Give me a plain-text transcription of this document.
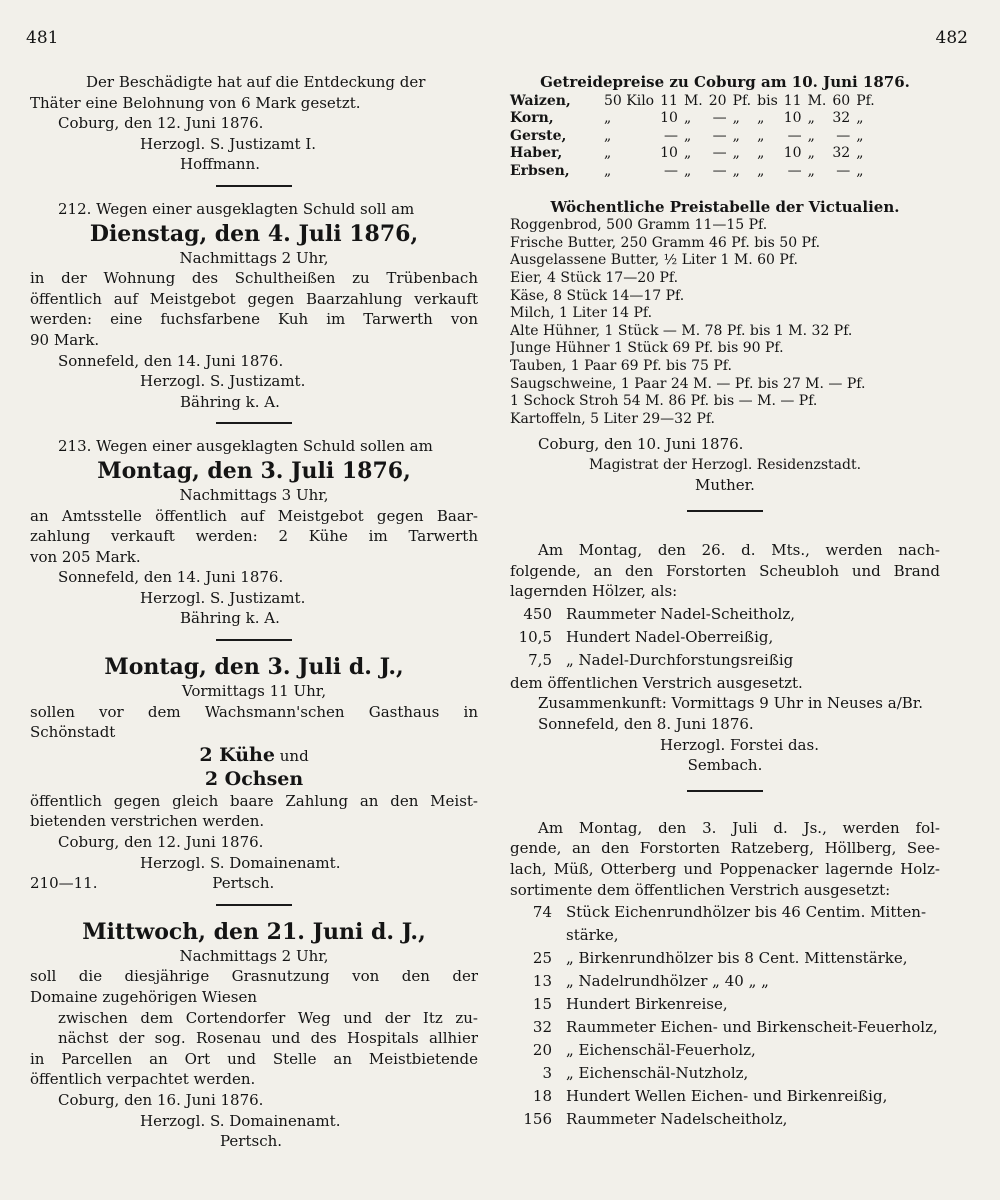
481	482
Der Beschädigte hat auf die Entdeckung der
Thäter eine Belohnung von 6 Mark gesetzt.
Coburg, den 12. Juni 1876.
Herzogl. S. Justizamt I.
Hoffmann.
212. Wegen einer ausgeklagten Schuld soll am
Dienstag, den 4. Juli 1876,
Nachmittags 2 Uhr,
in der Wohnung des Schultheißen zu Trübenbach
öffentlich auf Meistgebot gegen Baarzahlung verkauft
werden: eine fuchsfarbene Kuh im Tarwerth von
90 Mark.
Sonnefeld, den 14. Juni 1876.
Herzogl. S. Justizamt.
Bähring k. A.
213. Wegen einer ausgeklagten Schuld sollen am
Montag, den 3. Juli 1876,
Nachmittags 3 Uhr,
an Amtsstelle öffentlich auf Meistgebot gegen Baar-
zahlung verkauft werden: 2 Kühe im Tarwerth
von 205 Mark.
Sonnefeld, den 14. Juni 1876.
Herzogl. S. Justizamt.
Bähring k. A.
Montag, den 3. Juli d. J.,
Vormittags 11 Uhr,
sollen vor dem Wachsmann'schen Gasthaus in
Schönstadt
2 Kühe und
2 Ochsen
öffentlich gegen gleich baare Zahlung an den Meist-
bietenden verstrichen werden.
Coburg, den 12. Juni 1876.
Herzogl. S. Domainenamt.
210—11.	Pertsch.
Mittwoch, den 21. Juni d. J.,
Nachmittags 2 Uhr,
soll die diesjährige Grasnutzung von den der
Domaine zugehörigen Wiesen
zwischen dem Cortendorfer Weg und der Itz zu-
nächst der sog. Rosenau und des Hospitals allhier
in Parcellen an Ort und Stelle an Meistbietende
öffentlich verpachtet werden.
Coburg, den 16. Juni 1876.
Herzogl. S. Domainenamt.
Pertsch.
Getreidepreise zu Coburg am 10. Juni 1876.
Waizen,	50 Kilo	11	M.	20	Pf.	bis	11	M.	60	Pf.
Korn,	„	10	„	—	„	„	10	„	32	„
Gerste,	„	—	„	—	„	„	—	„	—	„
Haber,	„	10	„	—	„	„	10	„	32	„
Erbsen,	„	—	„	—	„	„	—	„	—	„
Wöchentliche Preistabelle der Victualien.
Roggenbrod, 500 Gramm 11—15 Pf.
Frische Butter, 250 Gramm 46 Pf. bis 50 Pf.
Ausgelassene Butter, ½ Liter 1 M. 60 Pf.
Eier, 4 Stück 17—20 Pf.
Käse, 8 Stück 14—17 Pf.
Milch, 1 Liter 14 Pf.
Alte Hühner, 1 Stück — M. 78 Pf. bis 1 M. 32 Pf.
Junge Hühner 1 Stück 69 Pf. bis 90 Pf.
Tauben, 1 Paar 69 Pf. bis 75 Pf.
Saugschweine, 1 Paar 24 M. — Pf. bis 27 M. — Pf.
1 Schock Stroh 54 M. 86 Pf. bis — M. — Pf.
Kartoffeln, 5 Liter 29—32 Pf.
Coburg, den 10. Juni 1876.
Magistrat der Herzogl. Residenzstadt.
Muther.
Am Montag, den 26. d. Mts., werden nach-
folgende, an den Forstorten Scheubloh und Brand
lagernden Hölzer, als:
450	Raummeter Nadel-Scheitholz,
10,5	Hundert Nadel-Oberreißig,
7,5	„ Nadel-Durchforstungsreißig
dem öffentlichen Verstrich ausgesetzt.
Zusammenkunft: Vormittags 9 Uhr in Neuses a/Br.
Sonnefeld, den 8. Juni 1876.
Herzogl. Forstei das.
Sembach.
Am Montag, den 3. Juli d. Js., werden fol-
gende, an den Forstorten Ratzeberg, Höllberg, See-
lach, Müß, Otterberg und Poppenacker lagernde Holz-
sortimente dem öffentlichen Verstrich ausgesetzt:
74	Stück Eichenrundhölzer bis 46 Centim. Mitten-
	stärke,
25	„ Birkenrundhölzer bis 8 Cent. Mittenstärke,
13	„ Nadelrundhölzer „ 40 „ „
15	Hundert Birkenreise,
32	Raummeter Eichen- und Birkenscheit-Feuerholz,
20	„ Eichenschäl-Feuerholz,
3	„ Eichenschäl-Nutzholz,
18	Hundert Wellen Eichen- und Birkenreißig,
156	Raummeter Nadelscheitholz,
